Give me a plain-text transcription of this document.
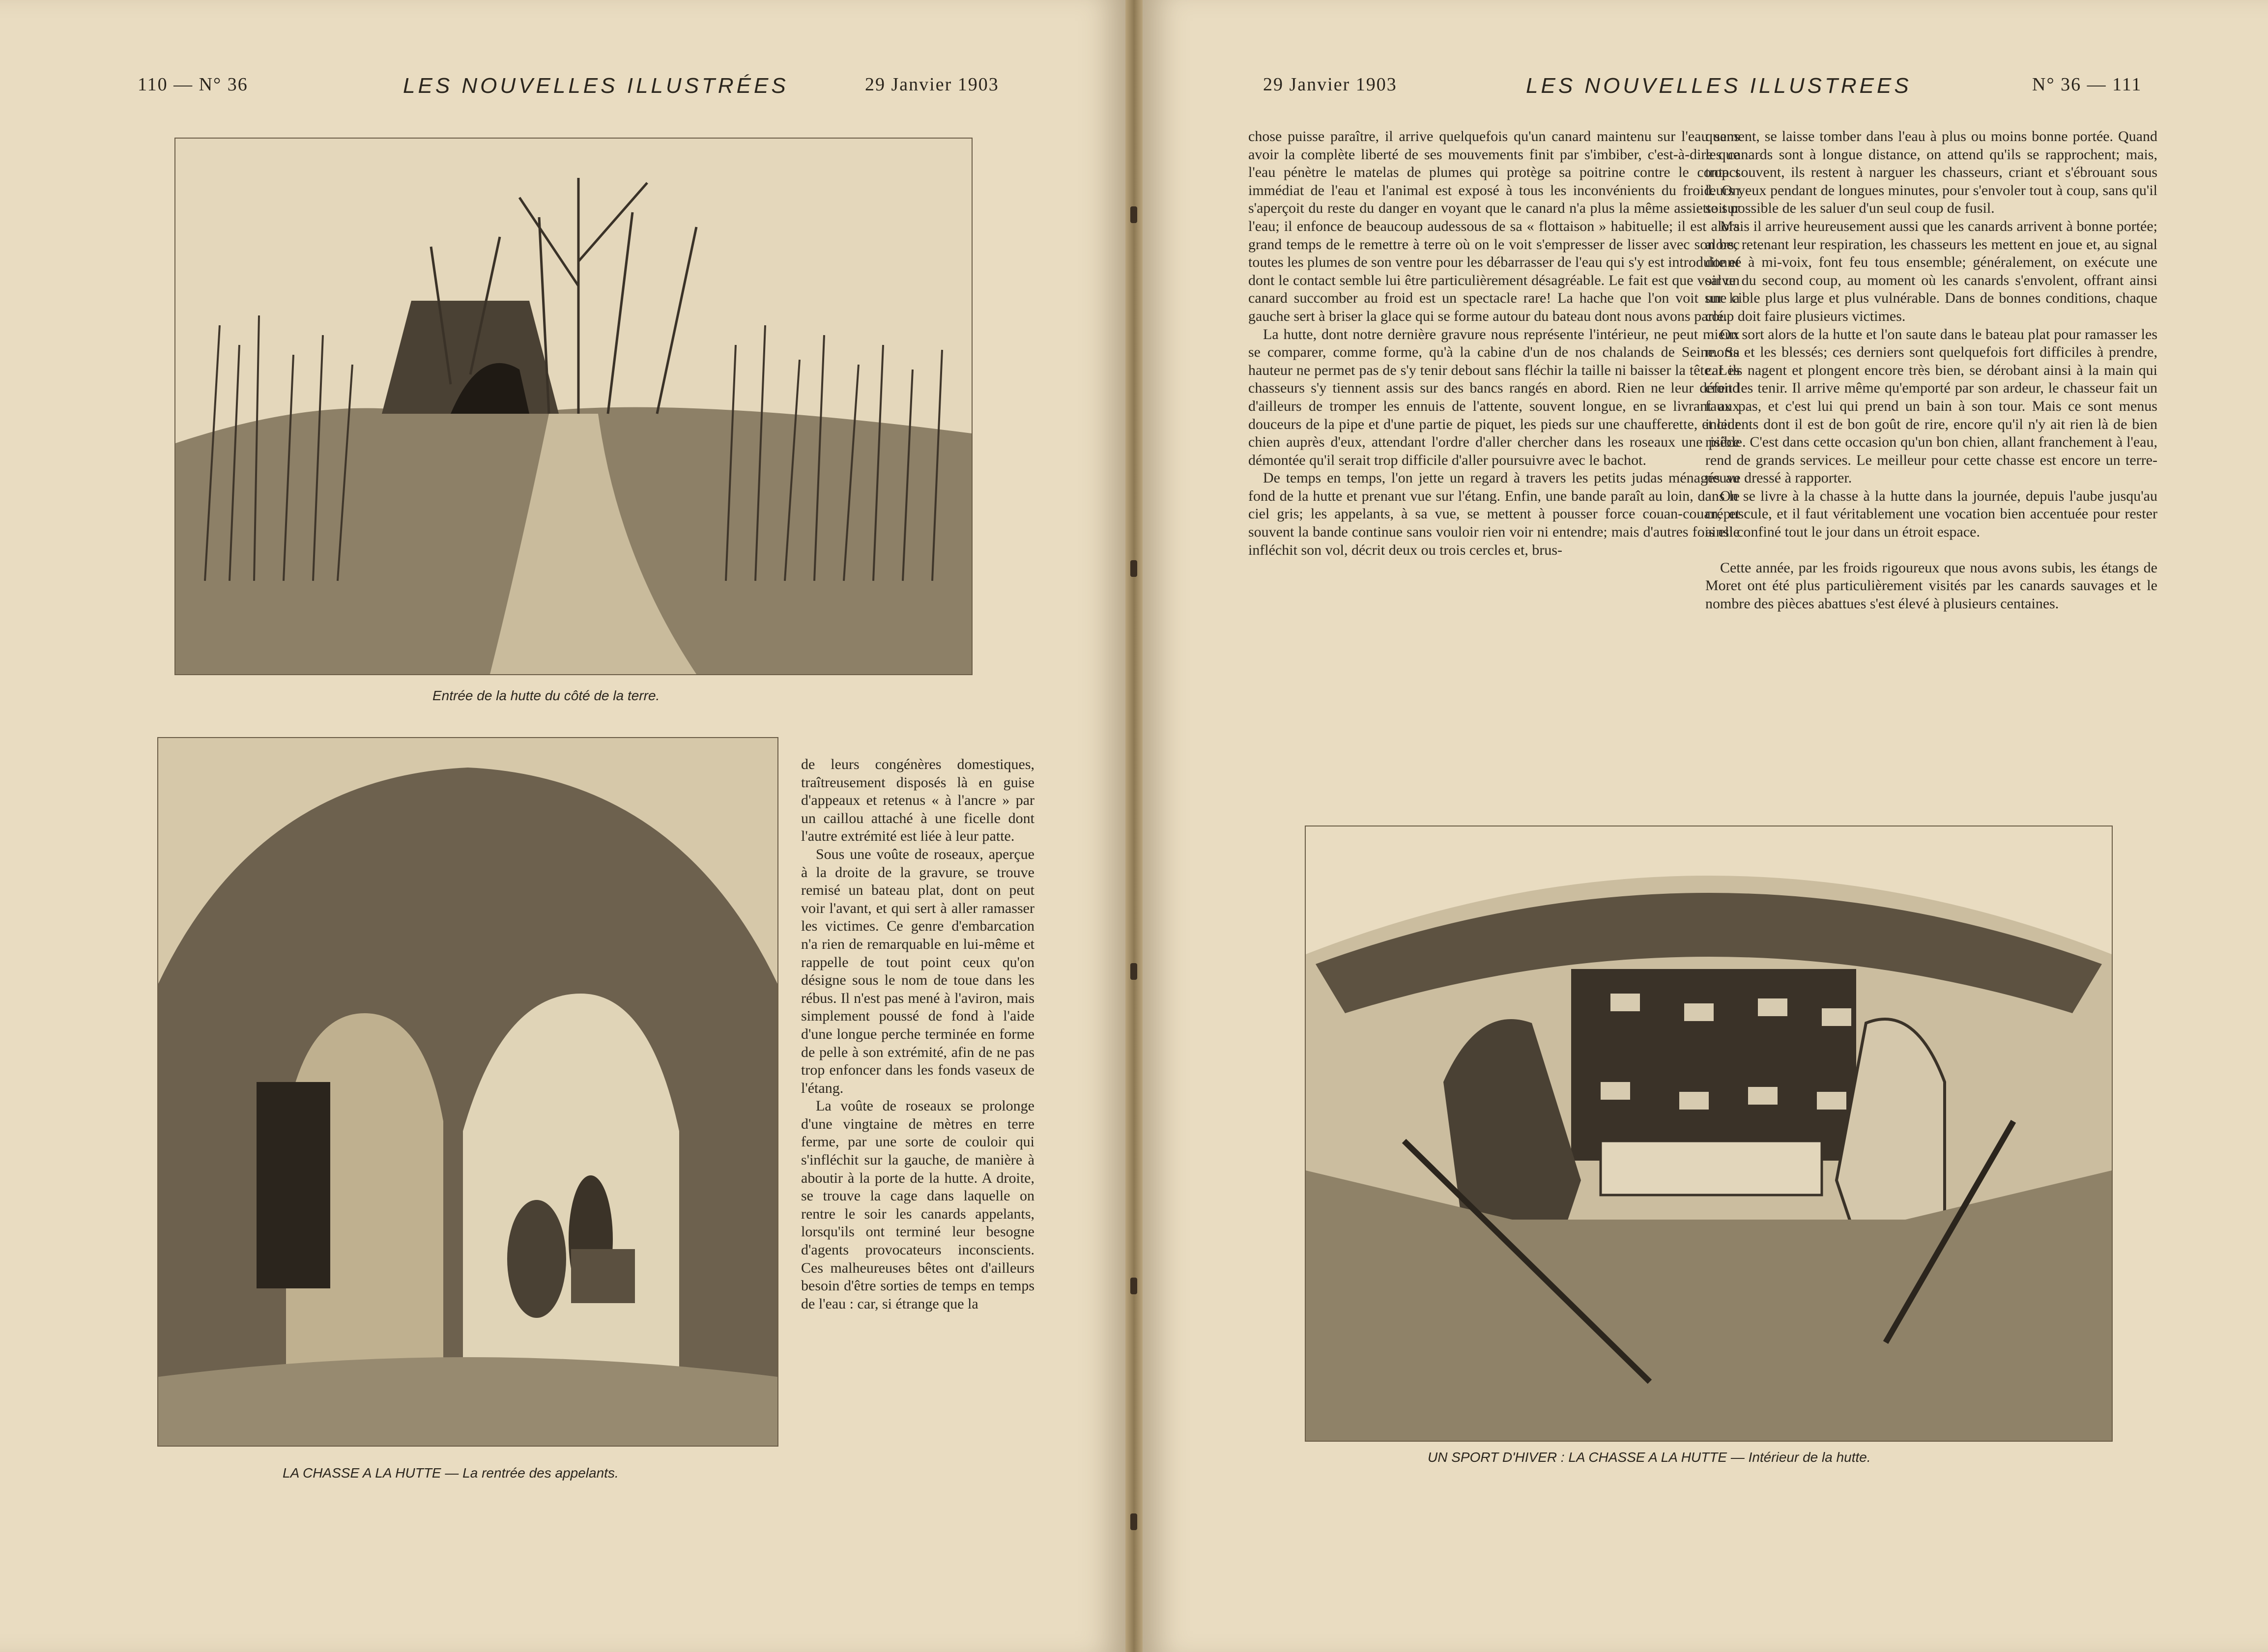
110 — N° 36	LES NOUVELLES ILLUSTRÉES	29 Janvier 1903
Entrée de la hutte du côté de la terre.
LA CHASSE A LA HUTTE — La rentrée des appelants.

de leurs congénères domestiques, traîtreusement disposés là en guise d'appeaux et retenus « à l'ancre » par un caillou attaché à une ficelle dont l'autre extrémité est liée à leur patte.

Sous une voûte de roseaux, aperçue à la droite de la gravure, se trouve remisé un bateau plat, dont on peut voir l'avant, et qui sert à aller ramasser les victimes. Ce genre d'embarcation n'a rien de remarquable en lui-même et rappelle de tout point ceux qu'on désigne sous le nom de toue dans les rébus. Il n'est pas mené à l'aviron, mais simplement poussé de fond à l'aide d'une longue perche terminée en forme de pelle à son extrémité, afin de ne pas trop enfoncer dans les fonds vaseux de l'étang.

La voûte de roseaux se prolonge d'une vingtaine de mètres en terre ferme, par une sorte de couloir qui s'infléchit sur la gauche, de manière à aboutir à la porte de la hutte. A droite, se trouve la cage dans laquelle on rentre le soir les canards appelants, lorsqu'ils ont terminé leur besogne d'agents provocateurs inconscients. Ces malheureuses bêtes ont d'ailleurs besoin d'être sorties de temps en temps de l'eau : car, si étrange que la

29 Janvier 1903	LES NOUVELLES ILLUSTREES	N° 36 — 111

chose puisse paraître, il arrive quelquefois qu'un canard maintenu sur l'eau sans avoir la complète liberté de ses mouvements finit par s'imbiber, c'est-à-dire que l'eau pénètre le matelas de plumes qui protège sa poitrine contre le contact immédiat de l'eau et l'animal est exposé à tous les inconvénients du froid. On s'aperçoit du reste du danger en voyant que le canard n'a plus la même assiette sur l'eau; il enfonce de beaucoup audessous de sa « flottaison » habituelle; il est alors grand temps de le remettre à terre où on le voit s'empresser de lisser avec son bec toutes les plumes de son ventre pour les débarrasser de l'eau qui s'y est introduite et dont le contact semble lui être particulièrement désagréable. Le fait est que voir un canard succomber au froid est un spectacle rare! La hache que l'on voit sur la gauche sert à briser la glace qui se forme autour du bateau dont nous avons parlé.

La hutte, dont notre dernière gravure nous représente l'intérieur, ne peut mieux se comparer, comme forme, qu'à la cabine d'un de nos chalands de Seine. Sa hauteur ne permet pas de s'y tenir debout sans fléchir la taille ni baisser la tête. Les chasseurs s'y tiennent assis sur des bancs rangés en abord. Rien ne leur défend d'ailleurs de tromper les ennuis de l'attente, souvent longue, en se livrant aux douceurs de la pipe et d'une partie de piquet, les pieds sur une chaufferette, et leur chien auprès d'eux, attendant l'ordre d'aller chercher dans les roseaux une pièce démontée qu'il serait trop difficile d'aller poursuivre avec le bachot.

De temps en temps, l'on jette un regard à travers les petits judas ménagés au fond de la hutte et prenant vue sur l'étang. Enfin, une bande paraît au loin, dans le ciel gris; les appelants, à sa vue, se mettent à pousser force couan-couan, et souvent la bande continue sans vouloir rien voir ni entendre; mais d'autres fois elle infléchit son vol, décrit deux ou trois cercles et, brus-

quement, se laisse tomber dans l'eau à plus ou moins bonne portée. Quand les canards sont à longue distance, on attend qu'ils se rapprochent; mais, trop souvent, ils restent à narguer les chasseurs, criant et s'ébrouant sous leurs yeux pendant de longues minutes, pour s'envoler tout à coup, sans qu'il soit possible de les saluer d'un seul coup de fusil.

Mais il arrive heureusement aussi que les canards arrivent à bonne portée; alors, retenant leur respiration, les chasseurs les mettent en joue et, au signal donné à mi-voix, font feu tous ensemble; généralement, on exécute une salve du second coup, au moment où les canards s'envolent, offrant ainsi une cible plus large et plus vulnérable. Dans de bonnes conditions, chaque coup doit faire plusieurs victimes.

On sort alors de la hutte et l'on saute dans le bateau plat pour ramasser les morts et les blessés; ces derniers sont quelquefois fort difficiles à prendre, car ils nagent et plongent encore très bien, se dérobant ainsi à la main qui croit les tenir. Il arrive même qu'emporté par son ardeur, le chasseur fait un faux pas, et c'est lui qui prend un bain à son tour. Mais ce sont menus incidents dont il est de bon goût de rire, encore qu'il n'y ait rien là de bien risible. C'est dans cette occasion qu'un bon chien, allant franchement à l'eau, rend de grands services. Le meilleur pour cette chasse est encore un terre-neuve dressé à rapporter.

On se livre à la chasse à la hutte dans la journée, depuis l'aube jusqu'au crépuscule, et il faut véritablement une vocation bien accentuée pour rester ainsi confiné tout le jour dans un étroit espace.

Cette année, par les froids rigoureux que nous avons subis, les étangs de Moret ont été plus particulièrement visités par les canards sauvages et le nombre des pièces abattues s'est élevé à plusieurs centaines.

UN SPORT D'HIVER : LA CHASSE A LA HUTTE — Intérieur de la hutte.
